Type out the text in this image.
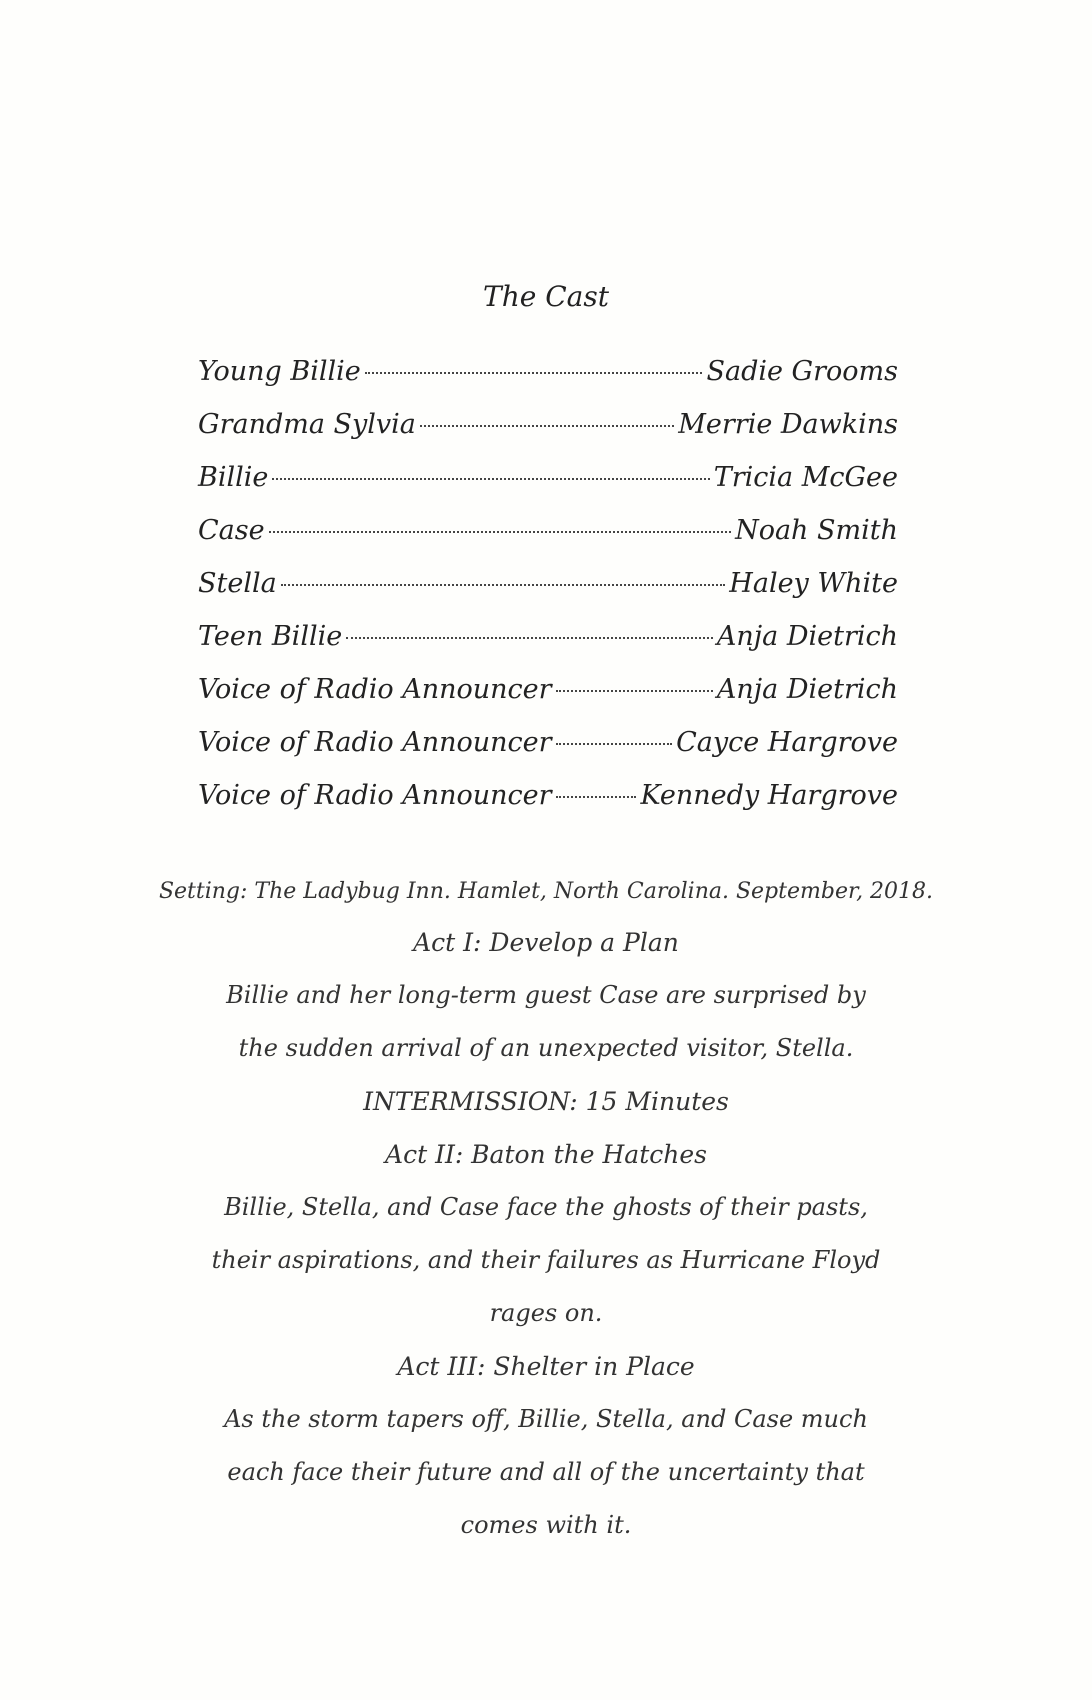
The Cast
Young Billie	Sadie Grooms
Grandma Sylvia	Merrie Dawkins
Billie	Tricia McGee
Case	Noah Smith
Stella	Haley White
Teen Billie	Anja Dietrich
Voice of Radio Announcer	Anja Dietrich
Voice of Radio Announcer	Cayce Hargrove
Voice of Radio Announcer	Kennedy Hargrove
Setting: The Ladybug Inn. Hamlet, North Carolina. September, 2018.
Act I: Develop a Plan
Billie and her long-term guest Case are surprised by the sudden arrival of an unexpected visitor, Stella.
INTERMISSION: 15 Minutes
Act II: Baton the Hatches
Billie, Stella, and Case face the ghosts of their pasts, their aspirations, and their failures as Hurricane Floyd rages on.
Act III: Shelter in Place
As the storm tapers off, Billie, Stella, and Case much each face their future and all of the uncertainty that comes with it.
